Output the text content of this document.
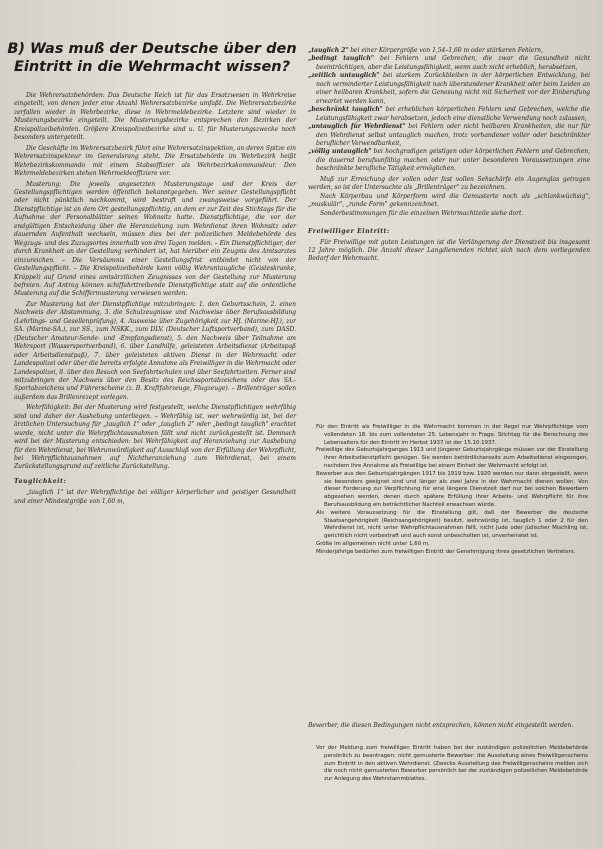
B) Was muß der Deutsche über den Eintritt in die Wehrmacht wissen?

Die Wehrersatzbehörden: Das Deutsche Reich ist für das Ersatzwesen in Wehrkreise eingeteilt, von denen jeder eine Anzahl Wehrersatzbezirke umfaßt. Die Wehrersatzbezirke zerfallen wieder in Wehrbezirke, diese in Wehrmeldebezirke. Letztere sind wieder in Musterungsbezirke eingeteilt. Die Musterungsbezirke entsprechen den Bezirken der Kreispolizeibehörden. Größere Kreispolizeibezirke sind u. U. für Musterungszwecke noch besonders untergeteilt.

Die Geschäfte im Wehrersatzbezirk führt eine Wehrersatzinspektion, an deren Spitze ein Wehrersatzinspekteur im Generalsrang steht. Die Ersatzbehörde im Wehrbezirk heißt Wehrbezirkskommando mit einem Stabsoffizier als Wehrbezirkskommandeur. Den Wehrmeldebezirken stehen Wehrmeldeoffiziere vor.

Musterung: Die jeweils angesetzten Musterungstage und der Kreis der Gestellungspflichtigen werden öffentlich bekanntgegeben. Wer seiner Gestellungspflicht oder nicht pünktlich nachkommt, wird bestraft und zwangsweise vorgeführt. Der Dienstpflichtige ist an dem Ort gestellungspflichtig, an dem er zur Zeit des Stichtags für die Aufnahme der Personalblätter seinen Wohnsitz hatte. Dienstpflichtige, die vor der endgültigen Entscheidung über die Heranziehung zum Wehrdienst ihren Wohnsitz oder dauernden Aufenthalt wechseln, müssen dies bei der polizeilichen Meldebehörde des Wegzugs- und des Zuzugsortes innerhalb von drei Tagen melden. – Ein Dienstpflichtiger, der durch Krankheit an der Gestellung verhindert ist, hat hierüber ein Zeugnis des Amtsarztes einzureichen. – Die Versäumnis einer Gestellungsfrist entbindet nicht von der Gestellungspflicht. – Die Kreispolizeibehörde kann völlig Wehruntaugliche (Geisteskranke, Krüppel) auf Grund eines amtsärztlichen Zeugnisses von der Gestellung zur Musterung befreien. Auf Antrag können schiffahrttreibende Dienstpflichtige statt auf die ordentliche Musterung auf die Schiffermusterung verwiesen werden.

Zur Musterung hat der Dienstpflichtige mitzubringen: 1. den Geburtsschein, 2. einen Nachweis der Abstammung, 3. die Schulzeugnisse und Nachweise über Berufsausbildung (Lehrlings- und Gesellenprüfung), 4. Ausweise über Zugehörigkeit zur HJ. (Marine-HJ.), zur SA. (Marine-SA.), zur SS., zum NSKK., zum DLV. (Deutscher Luftsportverband), zum DASD. (Deutscher Amateur-Sende- und -Empfangsdienst), 5. den Nachweis über Teilnahme am Wehrsport (Wassersportverband), 6. über Landhilfe, geleisteten Arbeitsdienst (Arbeitspaß oder Arbeitsdienstpaß), 7. über geleisteten aktiven Dienst in der Wehrmacht oder Landespolizei oder über die bereits erfolgte Annahme als Freiwilliger in die Wehrmacht oder Landespolizei, 8. über den Besuch von Seefahrtschulen und über Seefahrtzeiten. Ferner sind mitzubringen der Nachweis über den Besitz des Reichssportabzeichens oder des SA.-Sportabzeichens und Führerscheine (z. B. Kraftfahrzeuge, Flugzeuge). – Brillenträger sollen außerdem das Brillenrezept vorlegen.

Wehrfähigkeit: Bei der Musterung wird festgestellt, welche Dienstpflichtigen wehrfähig sind und daher der Aushebung unterliegen. – Wehrfähig ist, wer wehrwürdig ist, bei der ärztlichen Untersuchung für „tauglich 1" oder „tauglich 2" oder „bedingt tauglich" erachtet wurde, nicht unter die Wehrpflichtausnahmen fällt und nicht zurückgestellt ist. Demnach wird bei der Musterung entschieden: bei Wehrfähigkeit auf Heranziehung zur Aushebung für den Wehrdienst, bei Wehrunwürdigkeit auf Ausschluß von der Erfüllung der Wehrpflicht, bei Wehrpflichtausnahmen auf Nichtheranziehung zum Wehrdienst, bei einem Zurückstellungsgrund auf zeitliche Zurückstellung.

Tauglichkeit:

„tauglich 1" ist der Wehrpflichtige bei völliger körperlicher und geistiger Gesundheit und einer Mindestgröße von 1,60 m,

„tauglich 2" bei einer Körpergröße von 1,54–1,60 m oder stärkeren Fehlern,

„bedingt tauglich" bei Fehlern und Gebrechen, die zwar die Gesundheit nicht beeinträchtigen, aber die Leistungsfähigkeit, wenn auch nicht erheblich, herabsetzen,

„zeitlich untauglich" bei starkem Zurückbleiben in der körperlichen Entwicklung, bei noch verminderter Leistungsfähigkeit nach überstandener Krankheit oder beim Leiden an einer heilbaren Krankheit, sofern die Genesung nicht mit Sicherheit vor der Einberufung erwartet werden kann,

„beschränkt tauglich" bei erheblichen körperlichen Fehlern und Gebrechen, welche die Leistungsfähigkeit zwar herabsetzen, jedoch eine dienstliche Verwendung noch zulassen,

„untauglich für Wehrdienst" bei Fehlern oder nicht heilbaren Krankheiten, die nur für den Wehrdienst selbst untauglich machen, trotz vorhandener voller oder beschränkter beruflicher Verwendbarkeit,

„völlig untauglich" bei hochgradigen geistigen oder körperlichen Fehlern und Gebrechen, die dauernd berufsunfähig machen oder nur unter besonderen Voraussetzungen eine beschränkte berufliche Tätigkeit ermöglichen.

Muß zur Erreichung der vollen oder fast vollen Sehschärfe ein Augenglas getragen werden, so ist der Untersuchte als „Brillenträger" zu bezeichnen.

Nach Körperbau und Körperform wird die Gemusterte noch als „schlankwüchsig", „muskulär", „runde Form" gekennzeichnet.

Sonderbestimmungen für die einzelnen Wehrmachtteile siehe dort.

Freiwilliger Eintritt:

Für Freiwillige mit guten Leistungen ist die Verlängerung der Dienstzeit bis insgesamt 12 Jahre möglich. Die Anzahl dieser Langdienenden richtet sich nach dem vorliegenden Bedarf der Wehrmacht.

Für den Eintritt als Freiwilliger in die Wehrmacht kommen in der Regel nur Wehrpflichtige vom vollendeten 18. bis zum vollendeten 25. Lebensjahr in Frage. Stichtag für die Berechnung des Lebensalters für den Eintritt im Herbst 1937 ist der 15.10.1937.

Freiwillige des Geburtsjahrganges 1913 und jüngerer Geburtsjahrgänge müssen vor der Einstellung ihrer Arbeitsdienstpflicht genügen. Sie werden behördlicherseits zum Arbeitsdienst eingezogen, nachdem ihre Annahme als Freiwillige bei einem Einheit der Wehrmacht erfolgt ist.

Bewerber aus den Geburtsjahrgängen 1917 bis 1919 bzw. 1920 werden nur dann eingestellt, wenn sie besonders geeignet sind und länger als zwei Jahre in der Wehrmacht dienen wollen. Von dieser Forderung zur Verpflichtung für eine längere Dienstzeit darf nur bei solchen Bewerbern abgesehen werden, denen durch spätere Erfüllung ihrer Arbeits- und Wehrpflicht für ihre Berufsausbildung ein beträchtlicher Nachteil erwachsen würde.

Als weitere Voraussetzung für die Einstellung gilt, daß der Bewerber die deutsche Staatsangehörigkeit (Reichsangehörigkeit) besitzt, wehrwürdig ist, tauglich 1 oder 2 für den Wehrdienst ist, nicht unter Wehrpflichtausnahmen fällt, nicht Jude oder jüdischer Mischling ist, gerichtlich nicht vorbestraft und auch sonst unbescholten ist, unverheiratet ist.

Größe im allgemeinen nicht unter 1,60 m.

Minderjährige bedürfen zum freiwilligen Eintritt der Genehmigung ihres gesetzlichen Vertreters.

Bewerber, die diesen Bedingungen nicht entsprechen, können nicht eingestellt werden.

Vor der Meldung zum freiwilligen Eintritt haben bei der zuständigen polizeilichen Meldebehörde persönlich zu beantragen: nicht gemusterte Bewerber: die Ausstellung eines Freiwilligenscheins zum Eintritt in den aktiven Wehrdienst. (Zwecks Ausstellung des Freiwilligenscheins melden sich die noch nicht gemusterten Bewerber persönlich bei der zuständigen polizeilichen Meldebehörde zur Anlegung des Wehrstammblattes.
